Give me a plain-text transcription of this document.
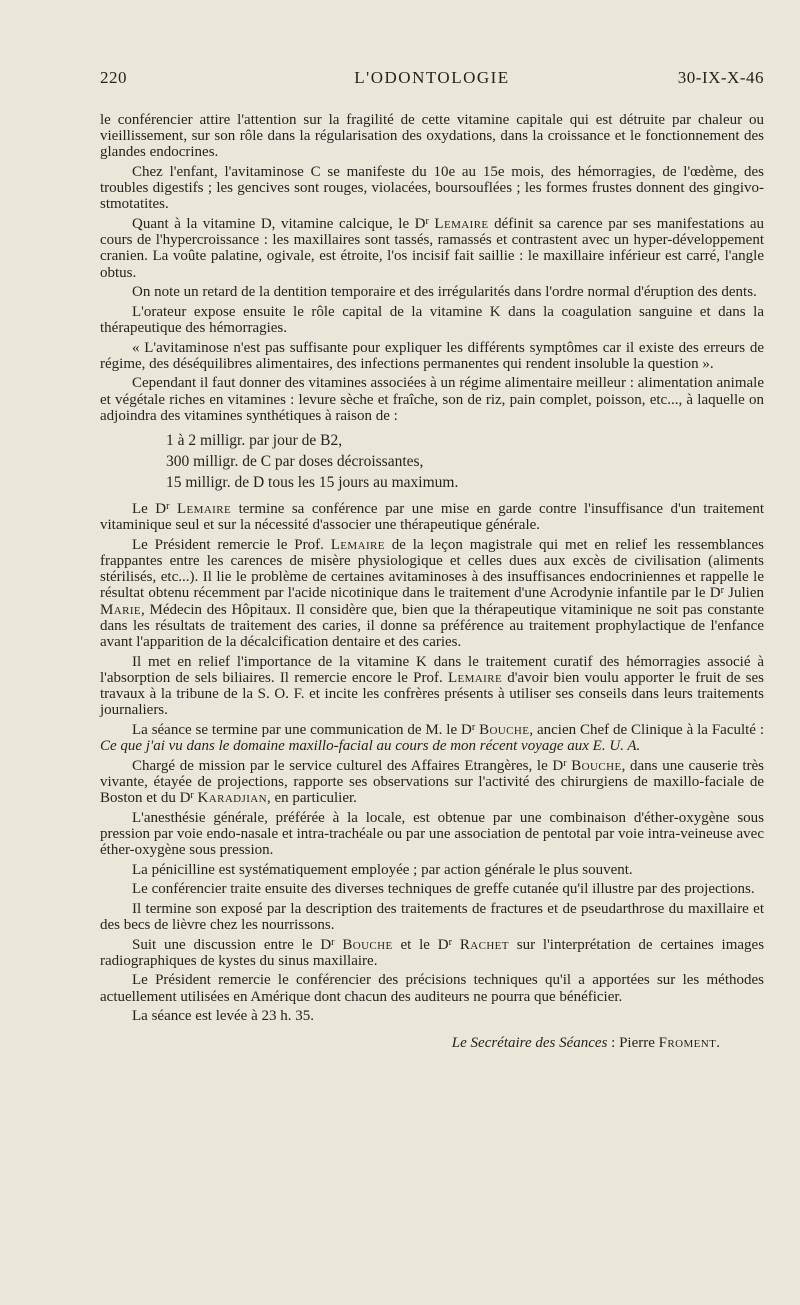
220	L'ODONTOLOGIE	30-IX-X-46

le conférencier attire l'attention sur la fragilité de cette vitamine capitale qui est détruite par chaleur ou vieillissement, sur son rôle dans la régularisation des oxydations, dans la croissance et le fonctionnement des glandes endocrines.

Chez l'enfant, l'avitaminose C se manifeste du 10e au 15e mois, des hémorragies, de l'œdème, des troubles digestifs ; les gencives sont rouges, violacées, boursouflées ; les formes frustes donnent des gingivo-stmotatites.

Quant à la vitamine D, vitamine calcique, le $D^r$ Lemaire définit sa carence par ses manifestations au cours de l'hypercroissance : les maxillaires sont tassés, ramassés et contrastent avec un hyper-développement cranien. La voûte palatine, ogivale, est étroite, l'os incisif fait saillie : le maxillaire inférieur est carré, l'angle obtus.

On note un retard de la dentition temporaire et des irrégularités dans l'ordre normal d'éruption des dents.

L'orateur expose ensuite le rôle capital de la vitamine K dans la coagulation sanguine et dans la thérapeutique des hémorragies.

« L'avitaminose n'est pas suffisante pour expliquer les différents symptômes car il existe des erreurs de régime, des déséquilibres alimentaires, des infections permanentes qui rendent insoluble la question ».

Cependant il faut donner des vitamines associées à un régime alimentaire meilleur : alimentation animale et végétale riches en vitamines : levure sèche et fraîche, son de riz, pain complet, poisson, etc..., à laquelle on adjoindra des vitamines synthétiques à raison de :

1 à 2 milligr. par jour de B2,
300 milligr. de C par doses décroissantes,
15 milligr. de D tous les 15 jours au maximum.

Le $D^r$ Lemaire termine sa conférence par une mise en garde contre l'insuffisance d'un traitement vitaminique seul et sur la nécessité d'associer une thérapeutique générale.

Le Président remercie le Prof. Lemaire de la leçon magistrale qui met en relief les ressemblances frappantes entre les carences de misère physiologique et celles dues aux excès de civilisation (aliments stérilisés, etc...). Il lie le problème de certaines avitaminoses à des insuffisances endocriniennes et rappelle le résultat obtenu récemment par l'acide nicotinique dans le traitement d'une Acrodynie infantile par le $D^r$ Julien Marie, Médecin des Hôpitaux. Il considère que, bien que la thérapeutique vitaminique ne soit pas constante dans les résultats de traitement des caries, il donne sa préférence au traitement prophylactique de l'enfance avant l'apparition de la décalcification dentaire et des caries.

Il met en relief l'importance de la vitamine K dans le traitement curatif des hémorragies associé à l'absorption de sels biliaires. Il remercie encore le Prof. Lemaire d'avoir bien voulu apporter le fruit de ses travaux à la tribune de la S. O. F. et incite les confrères présents à utiliser ses conseils dans leurs traitements journaliers.

La séance se termine par une communication de M. le $D^r$ Bouche, ancien Chef de Clinique à la Faculté : Ce que j'ai vu dans le domaine maxillo-facial au cours de mon récent voyage aux E. U. A.

Chargé de mission par le service culturel des Affaires Etrangères, le $D^r$ Bouche, dans une causerie très vivante, étayée de projections, rapporte ses observations sur l'activité des chirurgiens de maxillo-faciale de Boston et du $D^r$ Karadjian, en particulier.

L'anesthésie générale, préférée à la locale, est obtenue par une combinaison d'éther-oxygène sous pression par voie endo-nasale et intra-trachéale ou par une association de pentotal par voie intra-veineuse avec éther-oxygène sous pression.

La pénicilline est systématiquement employée ; par action générale le plus souvent.

Le conférencier traite ensuite des diverses techniques de greffe cutanée qu'il illustre par des projections.

Il termine son exposé par la description des traitements de fractures et de pseudarthrose du maxillaire et des becs de lièvre chez les nourrissons.

Suit une discussion entre le $D^r$ Bouche et le $D^r$ Rachet sur l'interprétation de certaines images radiographiques de kystes du sinus maxillaire.

Le Président remercie le conférencier des précisions techniques qu'il a apportées sur les méthodes actuellement utilisées en Amérique dont chacun des auditeurs ne pourra que bénéficier.

La séance est levée à 23 h. 35.

Le Secrétaire des Séances : Pierre Froment.
